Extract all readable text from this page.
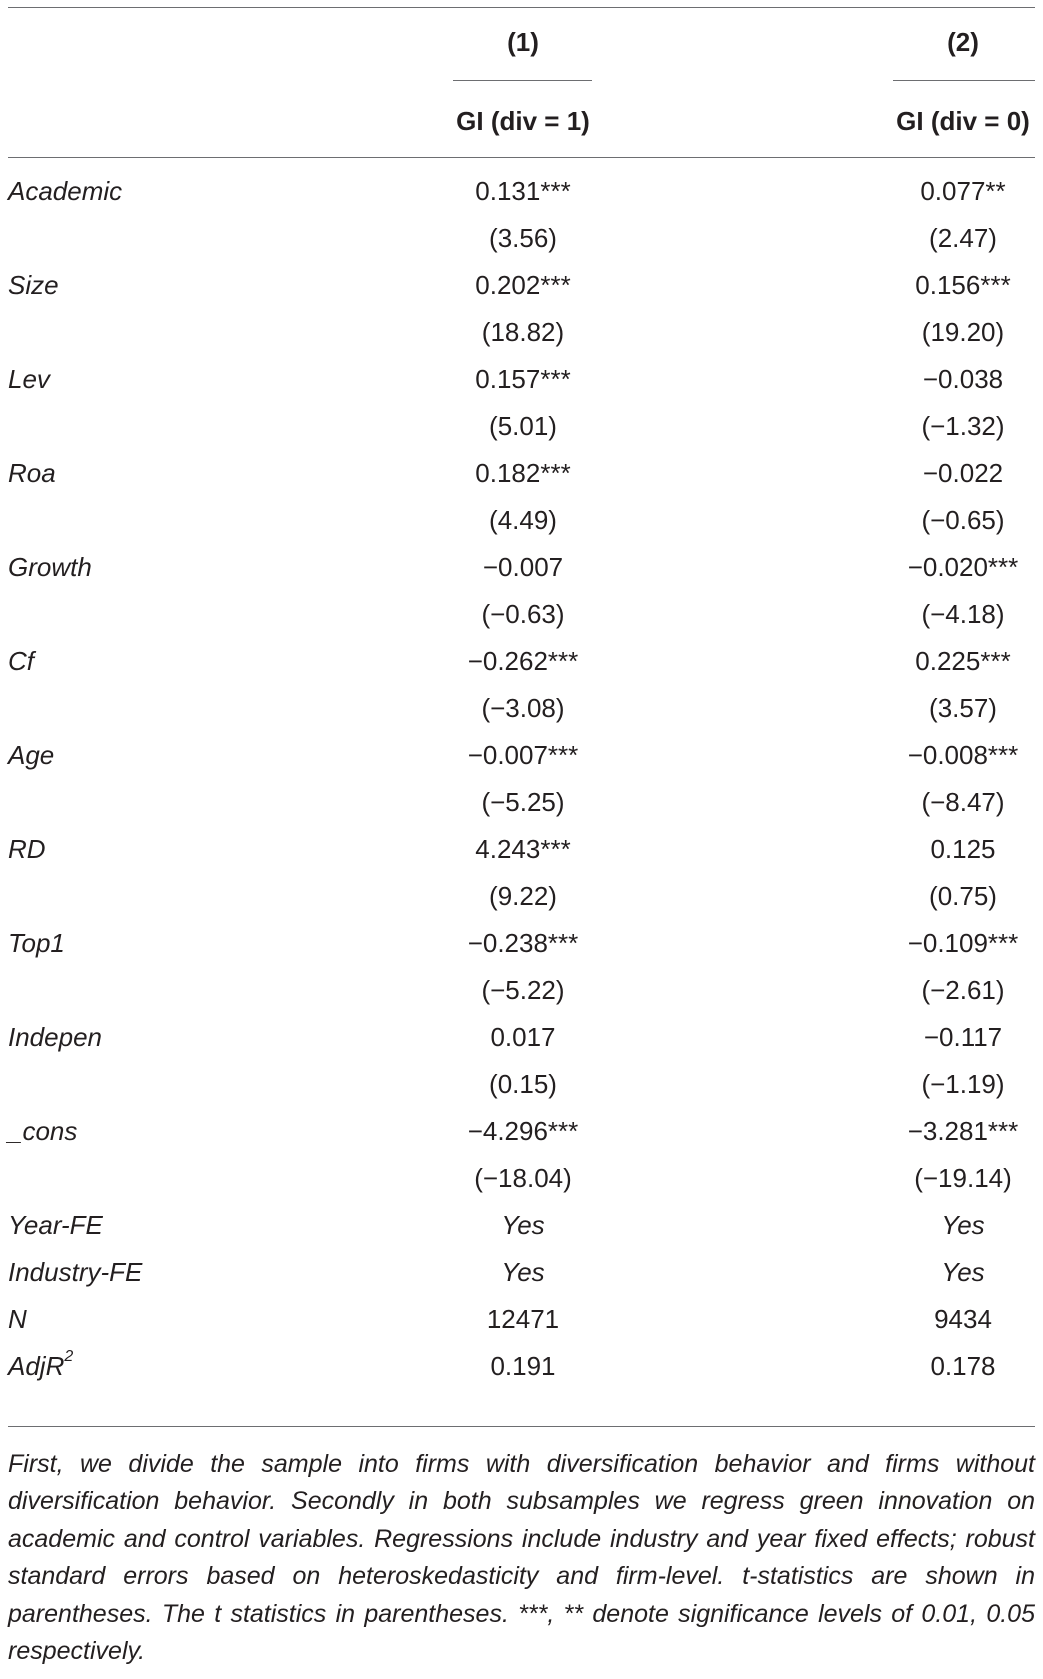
(1)	(2)
GI (div = 1)	GI (div = 0)
Academic	0.131***	0.077**
(3.56)	(2.47)
Size	0.202***	0.156***
(18.82)	(19.20)
Lev	0.157***	−0.038
(5.01)	(−1.32)
Roa	0.182***	−0.022
(4.49)	(−0.65)
Growth	−0.007	−0.020***
(−0.63)	(−4.18)
Cf	−0.262***	0.225***
(−3.08)	(3.57)
Age	−0.007***	−0.008***
(−5.25)	(−8.47)
RD	4.243***	0.125
(9.22)	(0.75)
Top1	−0.238***	−0.109***
(−5.22)	(−2.61)
Indepen	0.017	−0.117
(0.15)	(−1.19)
_cons	−4.296***	−3.281***
(−18.04)	(−19.14)
Year-FE	Yes	Yes
Industry-FE	Yes	Yes
N	12471	9434
AdjR$^2$	0.191	0.178
First, we divide the sample into firms with diversification behavior and firms without diversification behavior. Secondly in both subsamples we regress green innovation on academic and control variables. Regressions include industry and year fixed effects; robust standard errors based on heteroskedasticity and firm-level. t-statistics are shown in parentheses. The t statistics in parentheses. ***, ** denote significance levels of 0.01, 0.05 respectively.
